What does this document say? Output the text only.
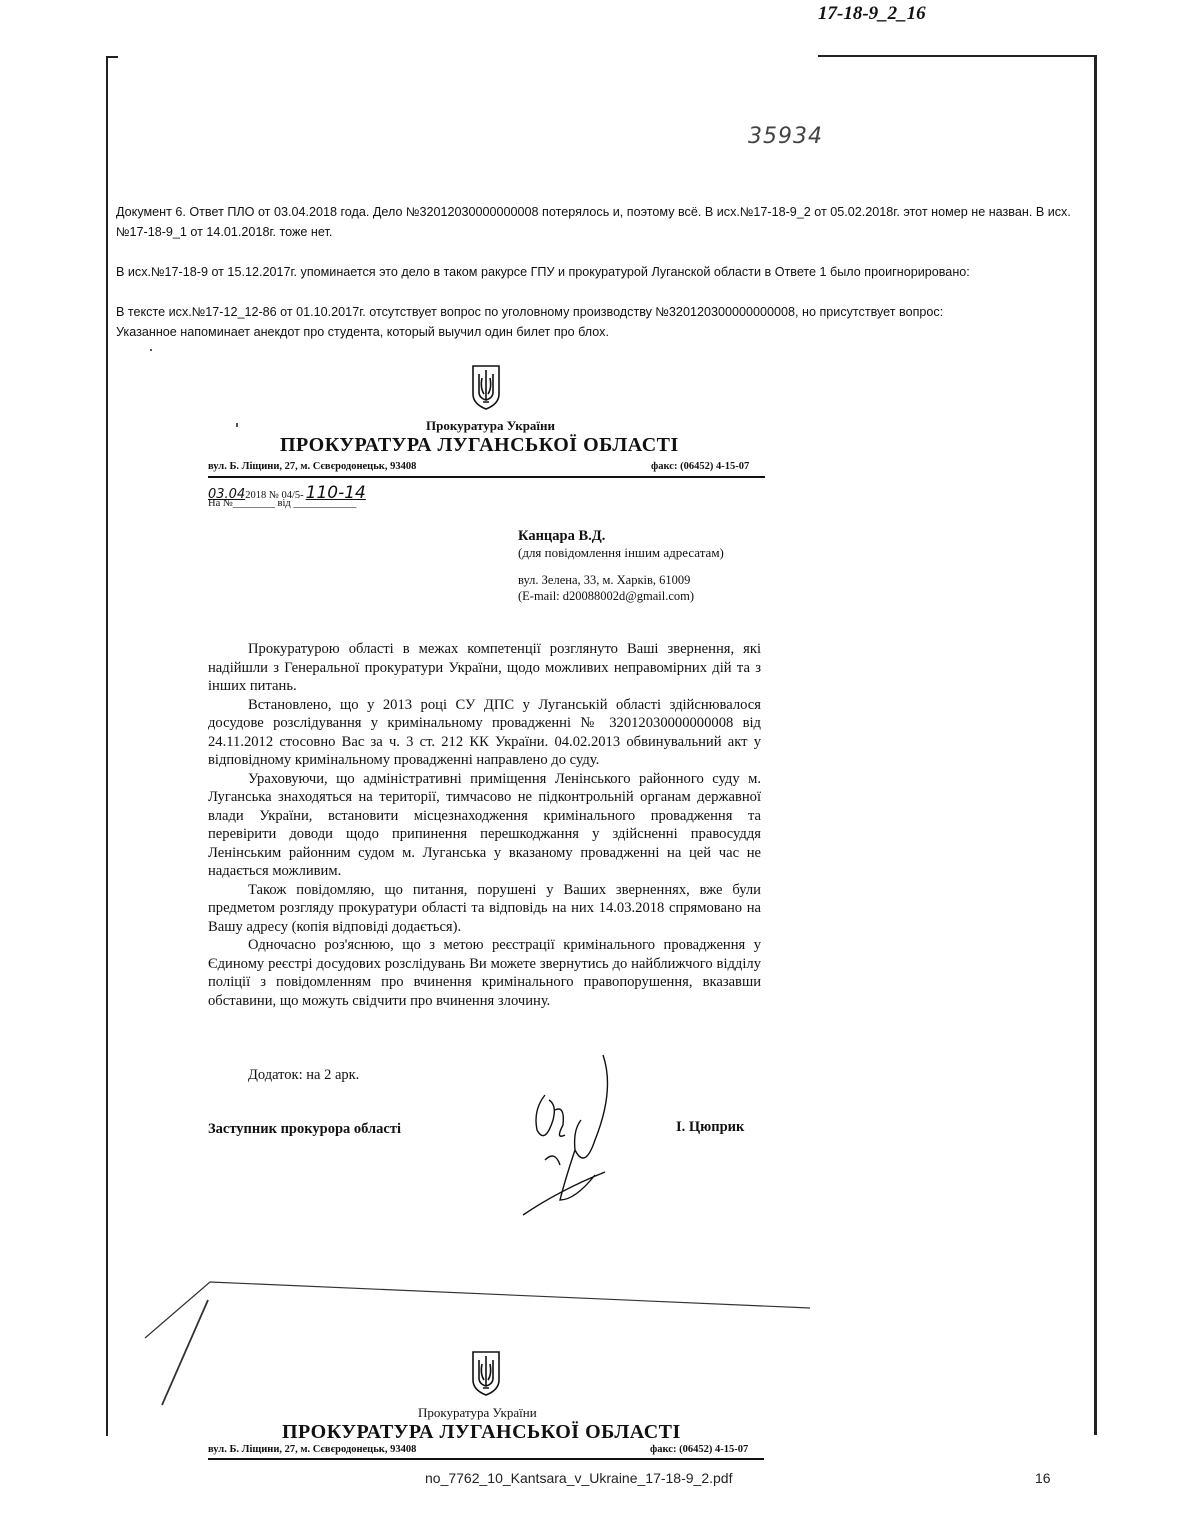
17-18-9_2_16
35934
Документ 6. Ответ ПЛО от 03.04.2018 года. Дело №32012030000000008 потерялось и, поэтому всё. В исх.№17-18-9_2 от 05.02.2018г. этот номер не назван. В исх.№17-18-9_1 от 14.01.2018г. тоже нет.
В исх.№17-18-9 от 15.12.2017г. упоминается это дело в таком ракурсе ГПУ и прокуратурой Луганской области в Ответе 1 было проигнорировано:
В тексте исх.№17-12_12-86 от 01.10.2017г. отсутствует вопрос по уголовному производству №320120300000000008, но присутствует вопрос:
Указанное напоминает анекдот про студента, который выучил один билет про блох.
Прокуратура України
ПРОКУРАТУРА ЛУГАНСЬКОЇ ОБЛАСТІ
вул. Б. Ліщини, 27, м. Сєвєродонецьк, 93408	факс: (06452) 4-15-07
03.042018 № 04/5- 110-14
На №________ від ____________
Канцара В.Д.
(для повідомлення іншим адресатам)
вул. Зелена, 33, м. Харків, 61009
(E-mail: d20088002d@gmail.com)

Прокуратурою області в межах компетенції розглянуто Ваші звернення, які надійшли з Генеральної прокуратури України, щодо можливих неправомірних дій та з інших питань.

Встановлено, що у 2013 році СУ ДПС у Луганській області здійснювалося досудове розслідування у кримінальному провадженні № 32012030000000008 від 24.11.2012 стосовно Вас за ч. 3 ст. 212 КК України. 04.02.2013 обвинувальний акт у відповідному кримінальному провадженні направлено до суду.

Ураховуючи, що адміністративні приміщення Ленінського районного суду м. Луганська знаходяться на території, тимчасово не підконтрольній органам державної влади України, встановити місцезнаходження кримінального провадження та перевірити доводи щодо припинення перешкоджання у здійсненні правосуддя Ленінським районним судом м. Луганська у вказаному провадженні на цей час не надається можливим.

Також повідомляю, що питання, порушені у Ваших зверненнях, вже були предметом розгляду прокуратури області та відповідь на них 14.03.2018 спрямовано на Вашу адресу (копія відповіді додається).

Одночасно роз'яснюю, що з метою реєстрації кримінального провадження у Єдиному реєстрі досудових розслідувань Ви можете звернутись до найближчого відділу поліції з повідомленням про вчинення кримінального правопорушення, вказавши обставини, що можуть свідчити про вчинення злочину.

Додаток: на 2 арк.
Заступник прокурора області	І. Цюприк
Прокуратура України
ПРОКУРАТУРА ЛУГАНСЬКОЇ ОБЛАСТІ
вул. Б. Ліщини, 27, м. Сєвєродонецьк, 93408	факс: (06452) 4-15-07
no_7762_10_Kantsara_v_Ukraine_17-18-9_2.pdf	16
